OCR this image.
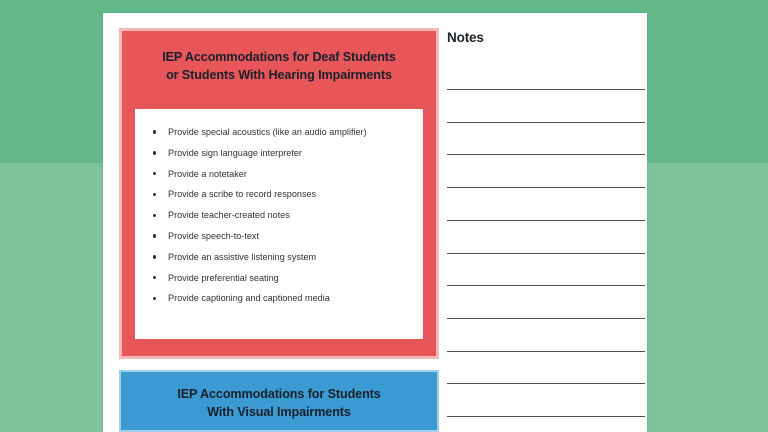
IEP Accommodations for Deaf Students
or Students With Hearing Impairments
Provide special acoustics (like an audio amplifier)
Provide sign language interpreter
Provide a notetaker
Provide a scribe to record responses
Provide teacher-created notes
Provide speech-to-text
Provide an assistive listening system
Provide preferential seating
Provide captioning and captioned media
IEP Accommodations for Students
With Visual Impairments
Notes
